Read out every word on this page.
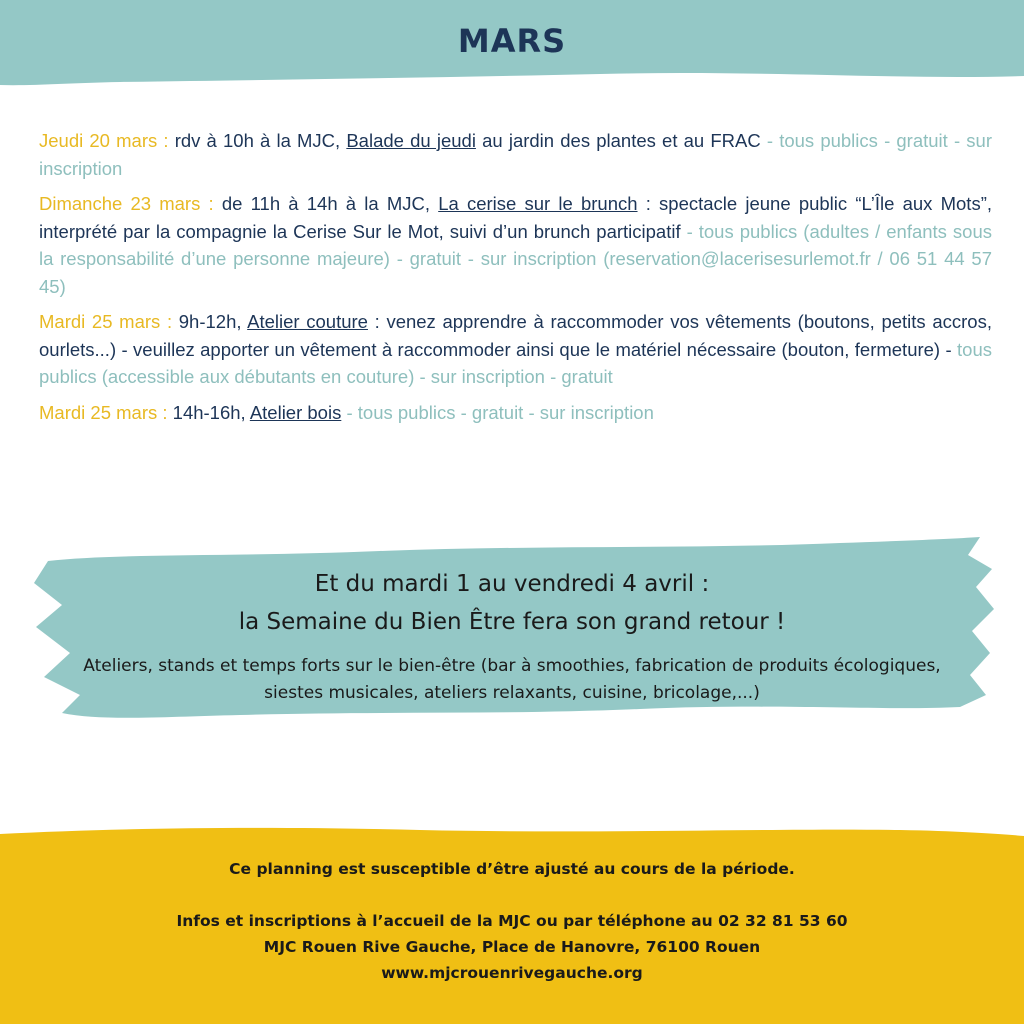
MARS

Jeudi 20 mars : rdv à 10h à la MJC, Balade du jeudi au jardin des plantes et au FRAC - tous publics - gratuit - sur inscription

Dimanche 23 mars : de 11h à 14h à la MJC, La cerise sur le brunch : spectacle jeune public “L’Île aux Mots”, interprété par la compagnie la Cerise Sur le Mot, suivi d’un brunch participatif - tous publics (adultes / enfants sous la responsabilité d’une personne majeure) - gratuit - sur inscription (reservation@lacerisesurlemot.fr / 06 51 44 57 45)

Mardi 25 mars : 9h-12h, Atelier couture : venez apprendre à raccommoder vos vêtements (boutons, petits accros, ourlets...) - veuillez apporter un vêtement à raccommoder ainsi que le matériel nécessaire (bouton, fermeture) - tous publics (accessible aux débutants en couture) - sur inscription - gratuit

Mardi 25 mars : 14h-16h, Atelier bois - tous publics - gratuit - sur inscription

Et du mardi 1 au vendredi 4 avril :
la Semaine du Bien Être fera son grand retour !
Ateliers, stands et temps forts sur le bien-être (bar à smoothies, fabrication de produits écologiques, siestes musicales, ateliers relaxants, cuisine, bricolage,...)
Ce planning est susceptible d’être ajusté au cours de la période.
Infos et inscriptions à l’accueil de la MJC ou par téléphone au 02 32 81 53 60
MJC Rouen Rive Gauche, Place de Hanovre, 76100 Rouen
www.mjcrouenrivegauche.org
